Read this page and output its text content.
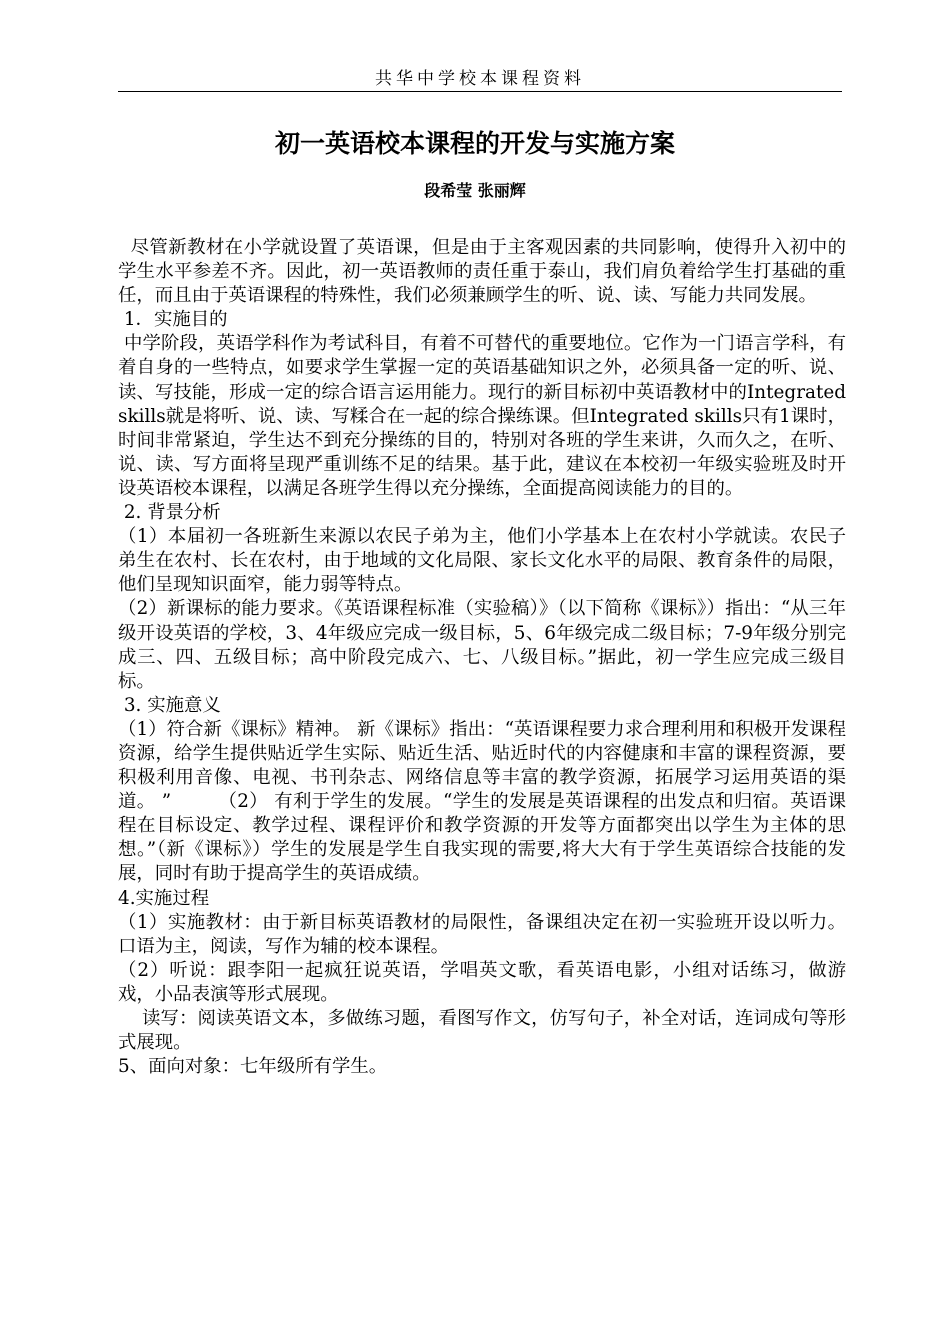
共华中学校本课程资料
初一英语校本课程的开发与实施方案
段希莹 张丽辉

尽管新教材在小学就设置了英语课，但是由于主客观因素的共同影响，使得升入初中的学生水平参差不齐。因此，初一英语教师的责任重于泰山，我们肩负着给学生打基础的重任，而且由于英语课程的特殊性，我们必须兼顾学生的听、说、读、写能力共同发展。

1．实施目的

中学阶段，英语学科作为考试科目，有着不可替代的重要地位。它作为一门语言学科，有着自身的一些特点，如要求学生掌握一定的英语基础知识之外，必须具备一定的听、说、读、写技能，形成一定的综合语言运用能力。现行的新目标初中英语教材中的Integrated skills就是将听、说、读、写糅合在一起的综合操练课。但Integrated skills只有1课时，时间非常紧迫，学生达不到充分操练的目的，特别对各班的学生来讲，久而久之，在听、说、读、写方面将呈现严重训练不足的结果。基于此，建议在本校初一年级实验班及时开设英语校本课程，以满足各班学生得以充分操练，全面提高阅读能力的目的。

2. 背景分析

（1）本届初一各班新生来源以农民子弟为主，他们小学基本上在农村小学就读。农民子弟生在农村、长在农村，由于地域的文化局限、家长文化水平的局限、教育条件的局限，他们呈现知识面窄，能力弱等特点。

（2）新课标的能力要求。《英语课程标准（实验稿）》（以下简称《课标》）指出：“从三年级开设英语的学校，3、4年级应完成一级目标，5、6年级完成二级目标；7-9年级分别完成三、四、五级目标；高中阶段完成六、七、八级目标。”据此，初一学生应完成三级目标。

3. 实施意义

（1）符合新《课标》精神。 新《课标》指出：“英语课程要力求合理利用和积极开发课程资源，给学生提供贴近学生实际、贴近生活、贴近时代的内容健康和丰富的课程资源，要积极利用音像、电视、书刊杂志、网络信息等丰富的教学资源，拓展学习运用英语的渠道。 ”　　　（2） 有利于学生的发展。“学生的发展是英语课程的出发点和归宿。英语课程在目标设定、教学过程、课程评价和教学资源的开发等方面都突出以学生为主体的思想。”（新《课标》）学生的发展是学生自我实现的需要,将大大有于学生英语综合技能的发展，同时有助于提高学生的英语成绩。

4.实施过程

（1）实施教材：由于新目标英语教材的局限性，备课组决定在初一实验班开设以听力。口语为主，阅读，写作为辅的校本课程。

（2）听说：跟李阳一起疯狂说英语，学唱英文歌，看英语电影，小组对话练习，做游戏，小品表演等形式展现。

读写：阅读英语文本，多做练习题，看图写作文，仿写句子，补全对话，连词成句等形式展现。

5、面向对象：七年级所有学生。
